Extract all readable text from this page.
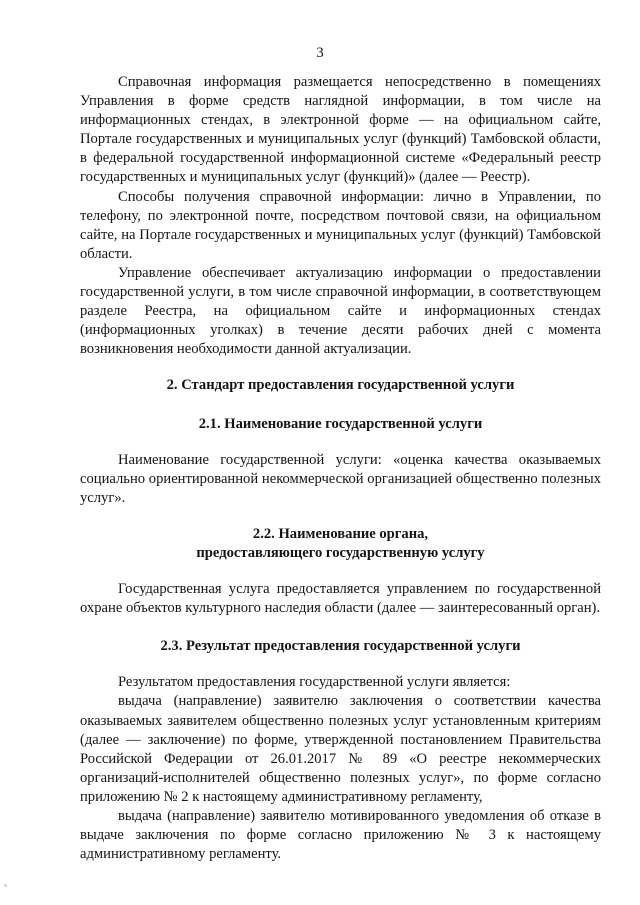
3

Справочная информация размещается непосредственно в помещениях Управления в форме средств наглядной информации, в том числе на информационных стендах, в электронной форме — на официальном сайте, Портале государственных и муниципальных услуг (функций) Тамбовской области, в федеральной государственной информационной системе «Федеральный реестр государственных и муниципальных услуг (функций)» (далее — Реестр).

Способы получения справочной информации: лично в Управлении, по телефону, по электронной почте, посредством почтовой связи, на официальном сайте, на Портале государственных и муниципальных услуг (функций) Тамбовской области.

Управление обеспечивает актуализацию информации о предоставлении государственной услуги, в том числе справочной информации, в соответствующем разделе Реестра, на официальном сайте и информационных стендах (информационных уголках) в течение десяти рабочих дней с момента возникновения необходимости данной актуализации.

2. Стандарт предоставления государственной услуги

2.1. Наименование государственной услуги

Наименование государственной услуги: «оценка качества оказываемых социально ориентированной некоммерческой организацией общественно полезных услуг».

2.2. Наименование органа,

предоставляющего государственную услугу

Государственная услуга предоставляется управлением по государственной охране объектов культурного наследия области (далее — заинтересованный орган).

2.3. Результат предоставления государственной услуги

Результатом предоставления государственной услуги является:

выдача (направление) заявителю заключения о соответствии качества оказываемых заявителем общественно полезных услуг установленным критериям (далее — заключение) по форме, утвержденной постановлением Правительства Российской Федерации от 26.01.2017 № 89 «О реестре некоммерческих организаций-исполнителей общественно полезных услуг», по форме согласно приложению № 2 к настоящему административному регламенту,

выдача (направление) заявителю мотивированного уведомления об отказе в выдаче заключения по форме согласно приложению № 3 к настоящему административному регламенту.
